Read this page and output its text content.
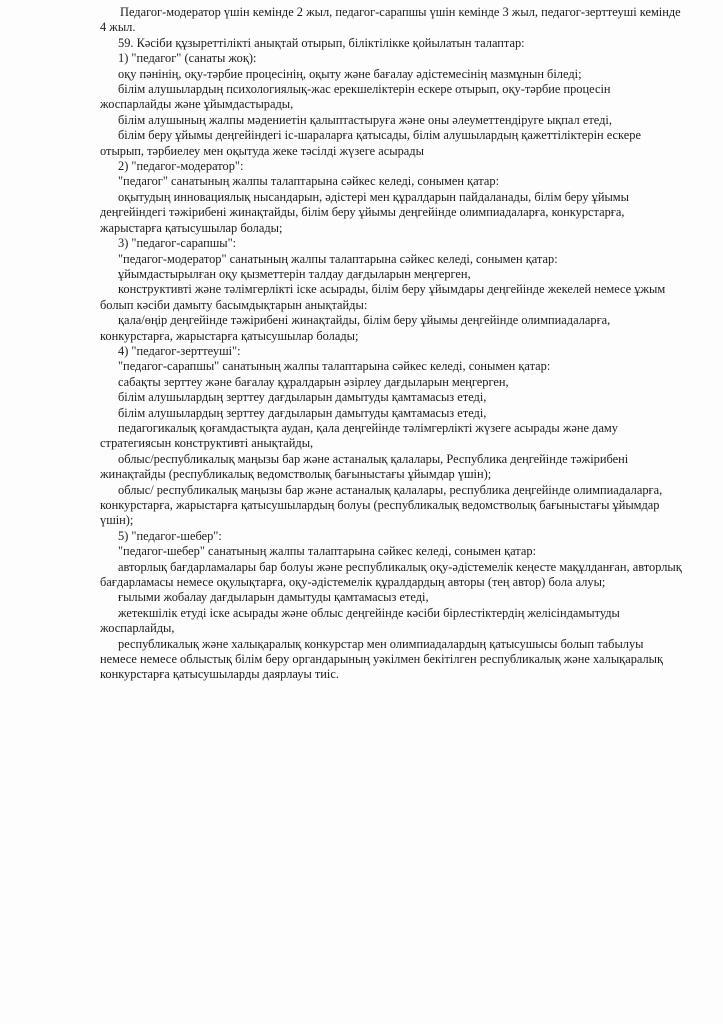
Педагог-модератор үшін кемінде 2 жыл, педагог-сарапшы үшін кемінде 3 жыл, педагог-зерттеуші кемінде 4 жыл.
59. Кәсіби құзыреттілікті анықтай отырып, біліктілікке қойылатын талаптар:
1) "педагог" (санаты жоқ):
оқу пәнінің, оқу-тәрбие процесінің, оқыту және бағалау әдістемесінің мазмұнын біледі;
білім алушылардың психологиялық-жас ерекшеліктерін ескере отырып, оқу-тәрбие процесін жоспарлайды және ұйымдастырады,
білім алушының жалпы мәдениетін қалыптастыруға және оны әлеуметтендіруге ықпал етеді,
білім беру ұйымы деңгейіндегі іс-шараларға қатысады, білім алушылардың қажеттіліктерін ескере отырып, тәрбиелеу мен оқытуда жеке тәсілді жүзеге асырады
2) "педагог-модератор":
"педагог" санатының жалпы талаптарына сәйкес келеді, сонымен қатар:
оқытудың инновациялық нысандарын, әдістері мен құралдарын пайдаланады, білім беру ұйымы деңгейіндегі тәжірибені жинақтайды, білім беру ұйымы деңгейінде олимпиадаларға, конкурстарға, жарыстарға қатысушылар болады;
3) "педагог-сарапшы":
"педагог-модератор" санатының жалпы талаптарына сәйкес келеді, сонымен қатар:
ұйымдастырылған оқу қызметтерін талдау дағдыларын меңгерген,
конструктивті және тәлімгерлікті іске асырады, білім беру ұйымдары деңгейінде жекелей немесе ұжым болып кәсіби дамыту басымдықтарын анықтайды:
қала/өңір деңгейінде тәжірибені жинақтайды, білім беру ұйымы деңгейінде олимпиадаларға, конкурстарға, жарыстарға қатысушылар болады;
4) "педагог-зерттеуші":
"педагог-сарапшы" санатының жалпы талаптарына сәйкес келеді, сонымен қатар:
сабақты зерттеу және бағалау құралдарын әзірлеу дағдыларын меңгерген,
білім алушылардың зерттеу дағдыларын дамытуды қамтамасыз етеді,
білім алушылардың зерттеу дағдыларын дамытуды қамтамасыз етеді,
педагогикалық қоғамдастықта аудан, қала деңгейінде тәлімгерлікті жүзеге асырады және даму стратегиясын конструктивті анықтайды,
облыс/республикалық маңызы бар және астаналық қалалары, Республика деңгейінде тәжірибені жинақтайды (республикалық ведомстволық бағыныстағы ұйымдар үшін);
облыс/ республикалық маңызы бар және астаналық қалалары, республика деңгейінде олимпиадаларға, конкурстарға, жарыстарға қатысушылардың болуы (республикалық ведомстволық бағыныстағы ұйымдар үшін);
5) "педагог-шебер":
"педагог-шебер" санатының жалпы талаптарына сәйкес келеді, сонымен қатар:
авторлық бағдарламалары бар болуы және республикалық оқу-әдістемелік кеңесте мақұлданған, авторлық бағдарламасы немесе оқулықтарға, оқу-әдістемелік құралдардың авторы (тең автор) бола алуы;
ғылыми жобалау дағдыларын дамытуды қамтамасыз етеді,
жетекшілік етуді іске асырады және облыс деңгейінде кәсіби бірлестіктердің желісіндамытуды жоспарлайды,
республикалық және халықаралық конкурстар мен олимпиадалардың қатысушысы болып табылуы немесе немесе облыстық білім беру органдарының уәкілмен бекітілген республикалық және халықаралық конкурстарға қатысушыларды даярлауы тиіс.
